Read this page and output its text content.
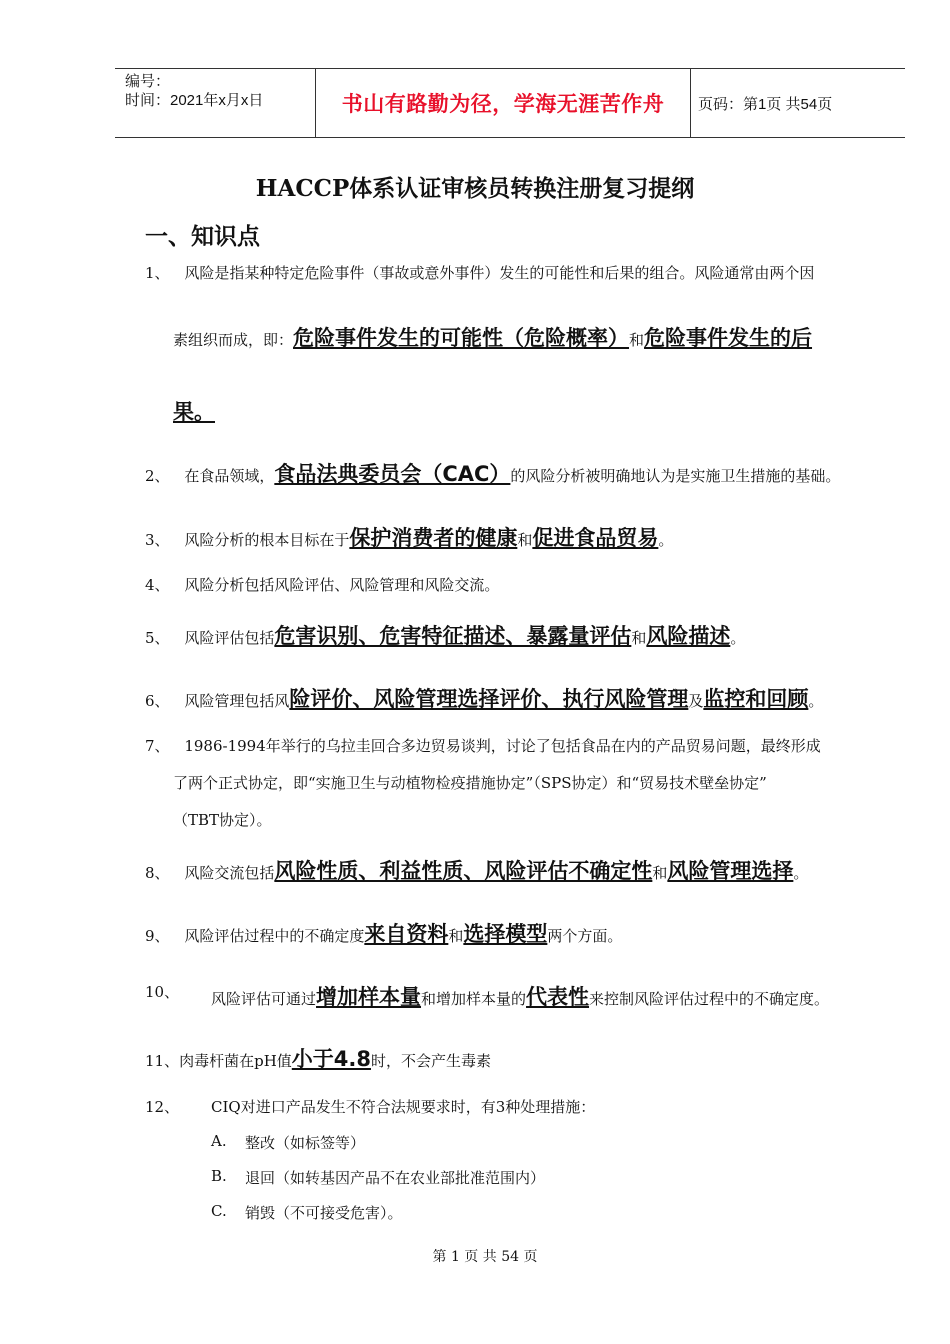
编号：
时间：2021年x月x日	书山有路勤为径，学海无涯苦作舟	页码：第1页 共54页
HACCP体系认证审核员转换注册复习提纲
一、知识点
1、 风险是指某种特定危险事件（事故或意外事件）发生的可能性和后果的组合。风险通常由两个因
素组织而成，即：危险事件发生的可能性（危险概率）和危险事件发生的后
果。
2、 在食品领域，食品法典委员会（CAC）的风险分析被明确地认为是实施卫生措施的基础。
3、 风险分析的根本目标在于保护消费者的健康和促进食品贸易。
4、 风险分析包括风险评估、风险管理和风险交流。
5、 风险评估包括危害识别、危害特征描述、暴露量评估和风险描述。
6、 风险管理包括风险评价、风险管理选择评价、执行风险管理及监控和回顾。
7、 1986-1994年举行的乌拉圭回合多边贸易谈判，讨论了包括食品在内的产品贸易问题，最终形成
了两个正式协定，即“实施卫生与动植物检疫措施协定”（SPS协定）和“贸易技术壁垒协定”
（TBT协定）。
8、 风险交流包括风险性质、利益性质、风险评估不确定性和风险管理选择。
9、 风险评估过程中的不确定度来自资料和选择模型两个方面。
10、 风险评估可通过增加样本量和增加样本量的代表性来控制风险评估过程中的不确定度。
11、肉毒杆菌在pH值小于4.8时，不会产生毒素
12、 CIQ对进口产品发生不符合法规要求时，有3种处理措施：
A. 整改（如标签等）
B. 退回（如转基因产品不在农业部批准范围内）
C. 销毁（不可接受危害）。
第 1 页 共 54 页
